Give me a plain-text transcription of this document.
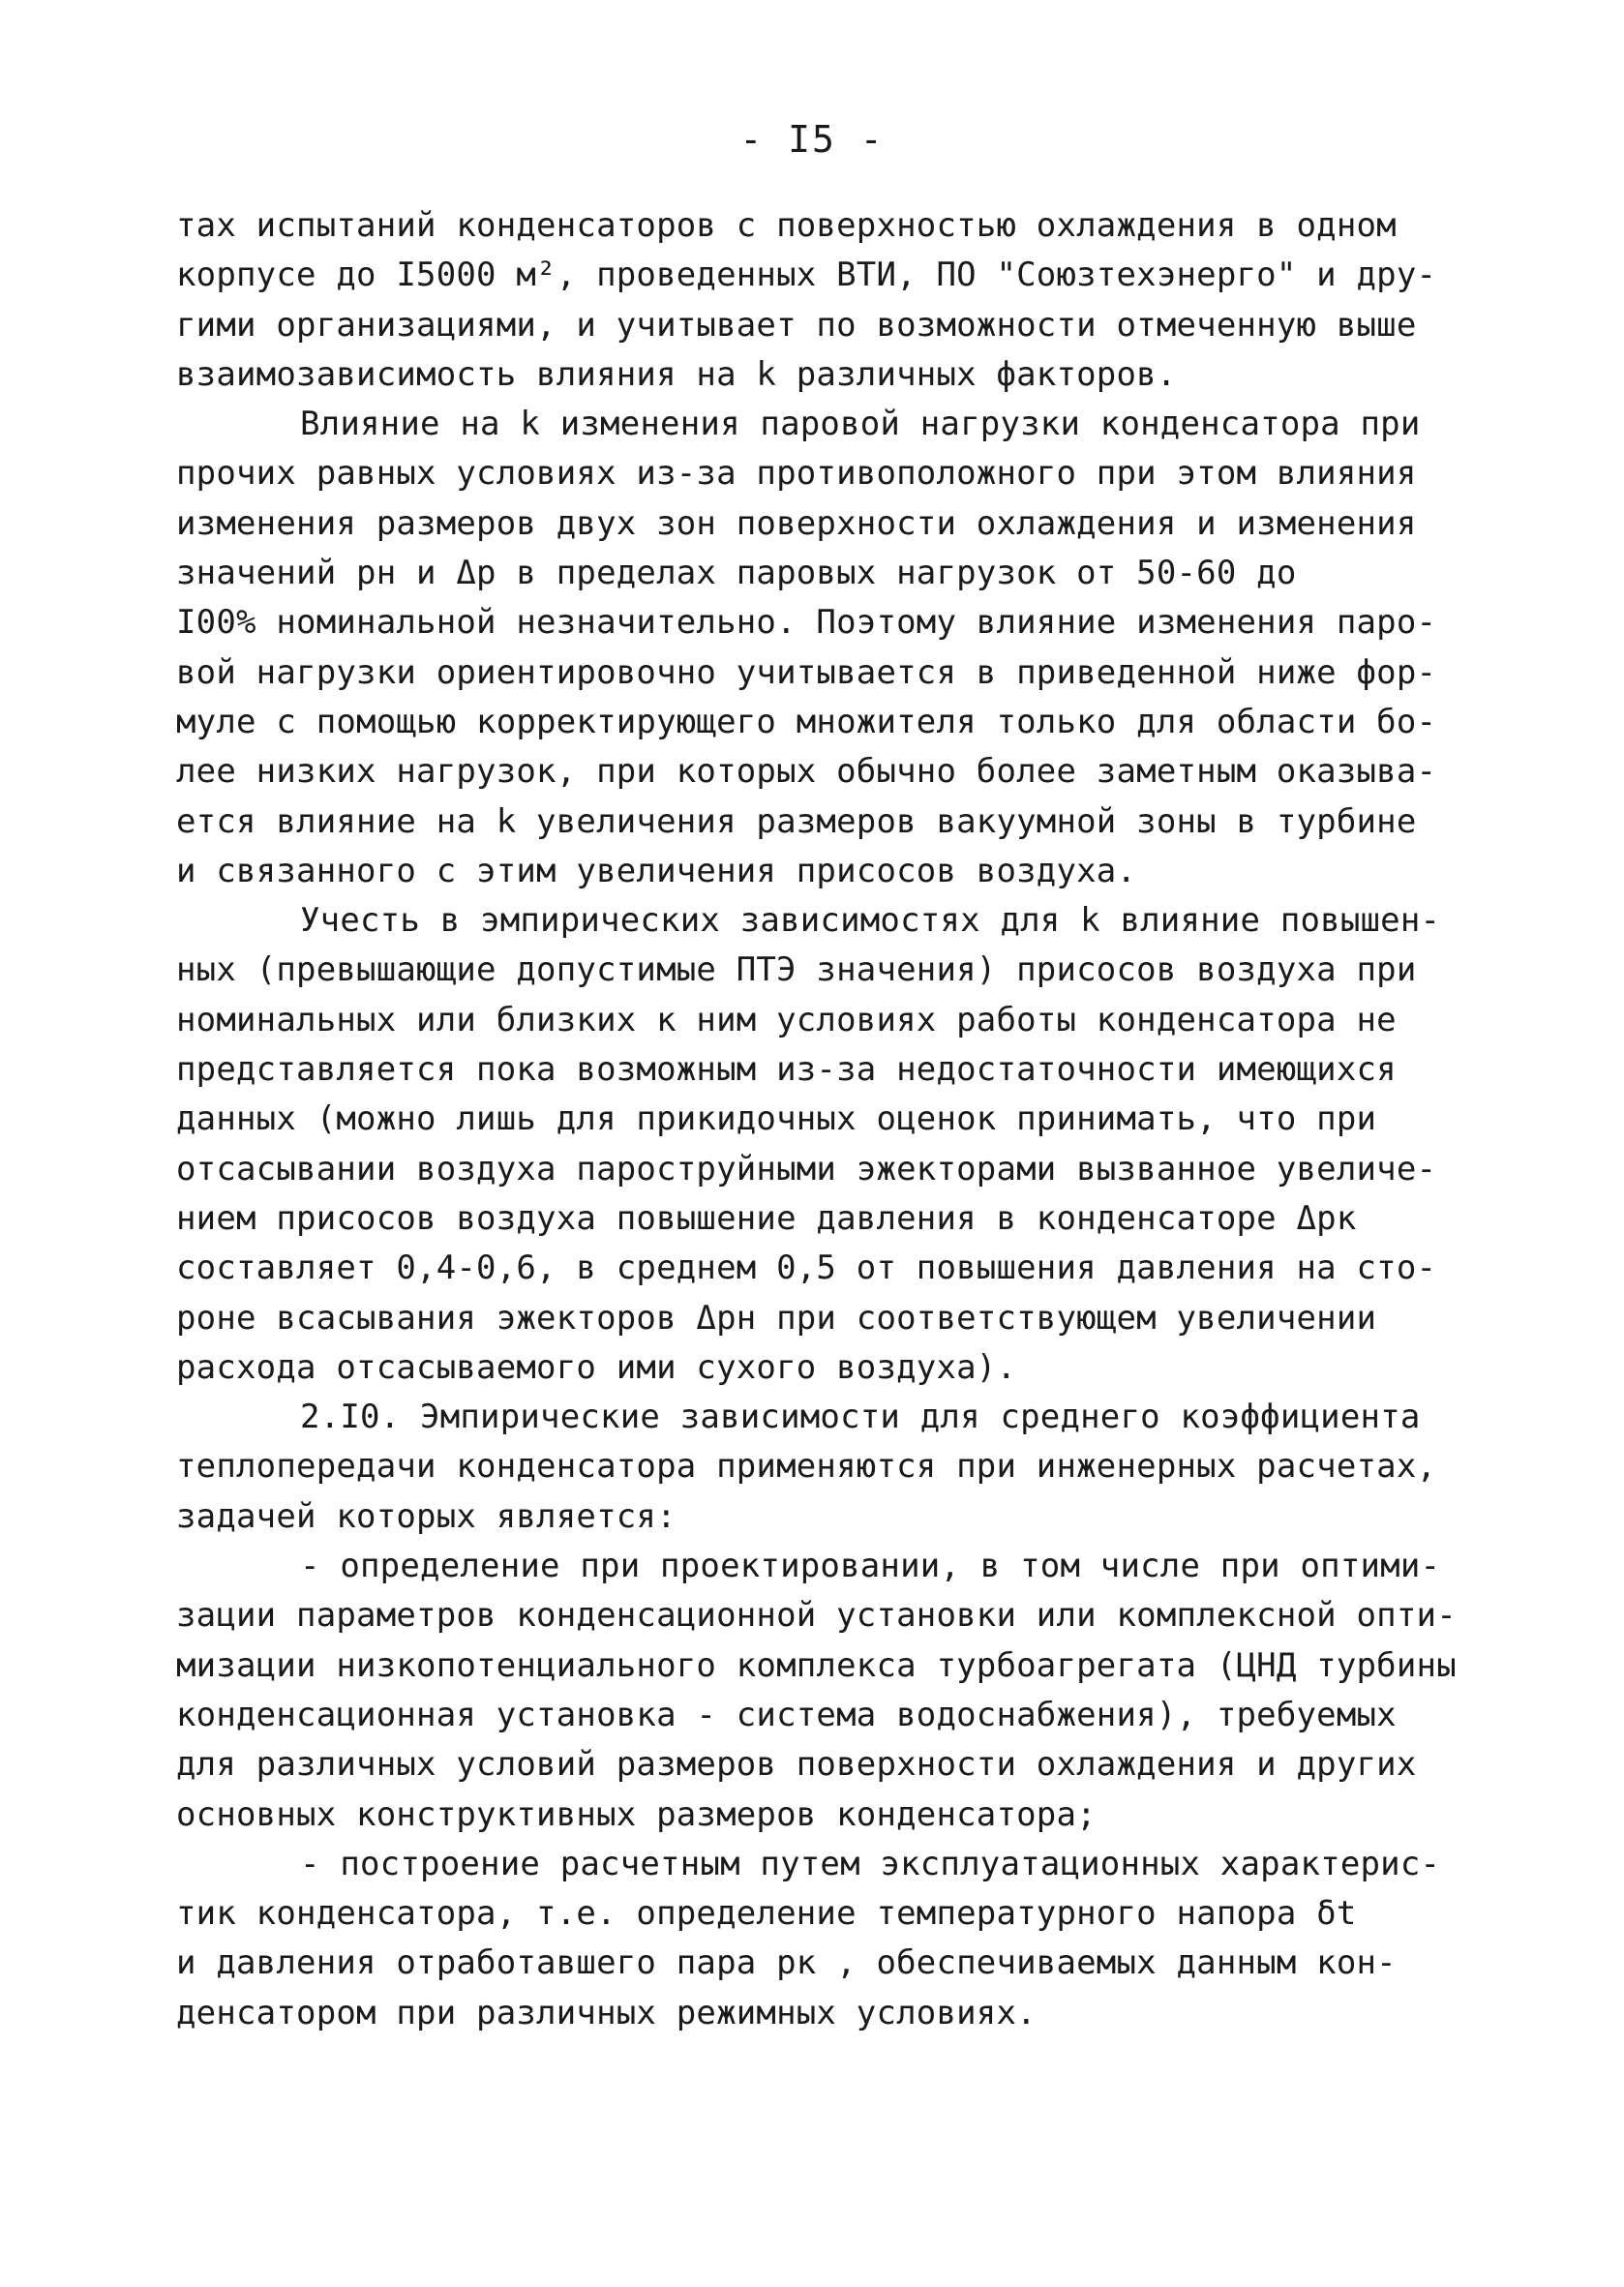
- I5 -
тах испытаний конденсаторов с поверхностью охлаждения в одном
корпусе до I5000 м², проведенных ВТИ, ПО "Союзтехэнерго" и дру-
гими организациями, и учитывает по возможности отмеченную выше
взаимозависимость влияния на k различных факторов.
Влияние на k изменения паровой нагрузки конденсатора при
прочих равных условиях из-за противоположного при этом влияния
изменения размеров двух зон поверхности охлаждения и изменения
значений pн и Δp в пределах паровых нагрузок от 50-60 до
I00% номинальной незначительно. Поэтому влияние изменения паро-
вой нагрузки ориентировочно учитывается в приведенной ниже фор-
муле с помощью корректирующего множителя только для области бо-
лее низких нагрузок, при которых обычно более заметным оказыва-
ется влияние на k увеличения размеров вакуумной зоны в турбине
и связанного с этим увеличения присосов воздуха.
Учесть в эмпирических зависимостях для k влияние повышен-
ных (превышающие допустимые ПТЭ значения) присосов воздуха при
номинальных или близких к ним условиях работы конденсатора не
представляется пока возможным из-за недостаточности имеющихся
данных (можно лишь для прикидочных оценок принимать, что при
отсасывании воздуха пароструйными эжекторами вызванное увеличе-
нием присосов воздуха повышение давления в конденсаторе Δpк
составляет 0,4-0,6, в среднем 0,5 от повышения давления на сто-
роне всасывания эжекторов Δpн при соответствующем увеличении
расхода отсасываемого ими сухого воздуха).
2.I0. Эмпирические зависимости для среднего коэффициента
теплопередачи конденсатора применяются при инженерных расчетах,
задачей которых является:
- определение при проектировании, в том числе при оптими-
зации параметров конденсационной установки или комплексной опти-
мизации низкопотенциального комплекса турбоагрегата (ЦНД турбины
конденсационная установка - система водоснабжения), требуемых
для различных условий размеров поверхности охлаждения и других
основных конструктивных размеров конденсатора;
- построение расчетным путем эксплуатационных характерис-
тик конденсатора, т.е. определение температурного напора δt
и давления отработавшего пара pк , обеспечиваемых данным кон-
денсатором при различных режимных условиях.
